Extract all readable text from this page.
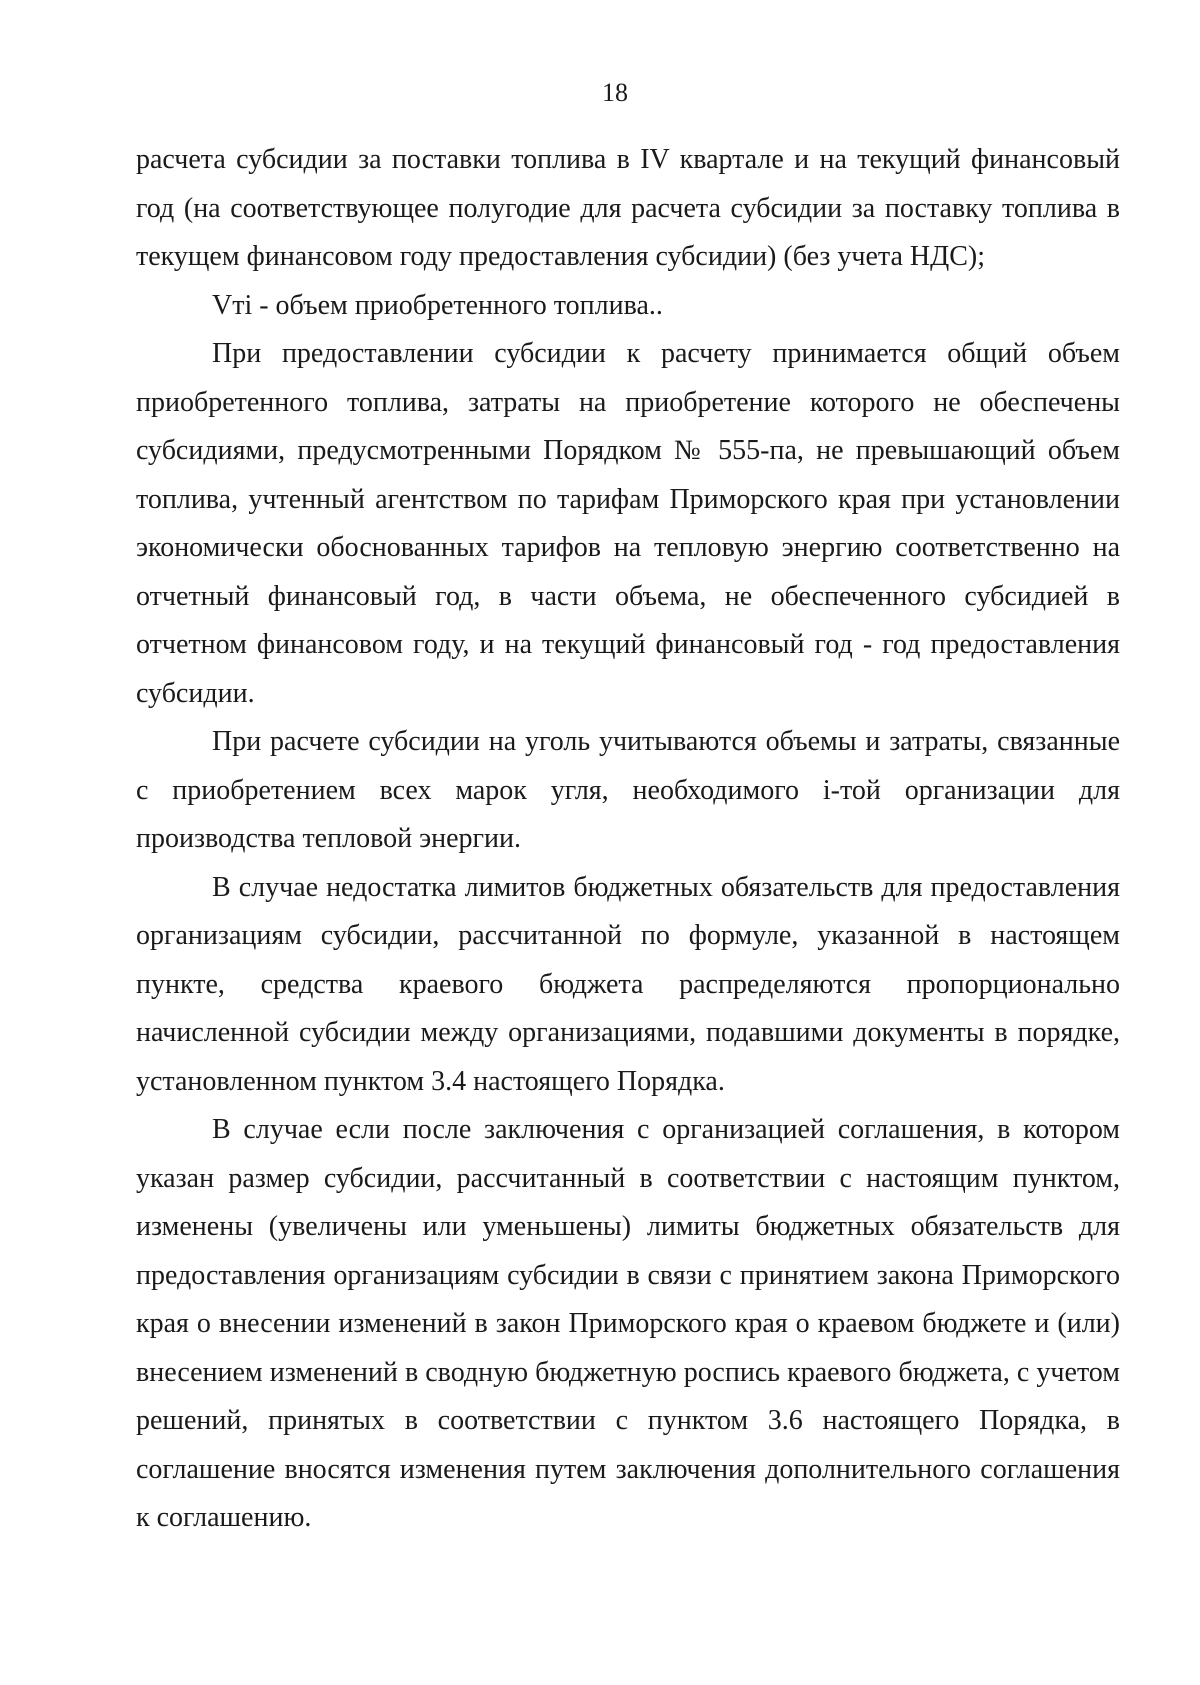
18

расчета субсидии за поставки топлива в IV квартале и на текущий финансовый год (на соответствующее полугодие для расчета субсидии за поставку топлива в текущем финансовом году предоставления субсидии) (без учета НДС);

Vті - объем приобретенного топлива..

При предоставлении субсидии к расчету принимается общий объем приобретенного топлива, затраты на приобретение которого не обеспечены субсидиями, предусмотренными Порядком № 555-па, не превышающий объем топлива, учтенный агентством по тарифам Приморского края при установлении экономически обоснованных тарифов на тепловую энергию соответственно на отчетный финансовый год, в части объема, не обеспеченного субсидией в отчетном финансовом году, и на текущий финансовый год - год предоставления субсидии.

При расчете субсидии на уголь учитываются объемы и затраты, связанные с приобретением всех марок угля, необходимого i-той организации для производства тепловой энергии.

В случае недостатка лимитов бюджетных обязательств для предоставления организациям субсидии, рассчитанной по формуле, указанной в настоящем пункте, средства краевого бюджета распределяются пропорционально начисленной субсидии между организациями, подавшими документы в порядке, установленном пунктом 3.4 настоящего Порядка.

В случае если после заключения с организацией соглашения, в котором указан размер субсидии, рассчитанный в соответствии с настоящим пунктом, изменены (увеличены или уменьшены) лимиты бюджетных обязательств для предоставления организациям субсидии в связи с принятием закона Приморского края о внесении изменений в закон Приморского края о краевом бюджете и (или) внесением изменений в сводную бюджетную роспись краевого бюджета, с учетом решений, принятых в соответствии с пунктом 3.6 настоящего Порядка, в соглашение вносятся изменения путем заключения дополнительного соглашения к соглашению.
